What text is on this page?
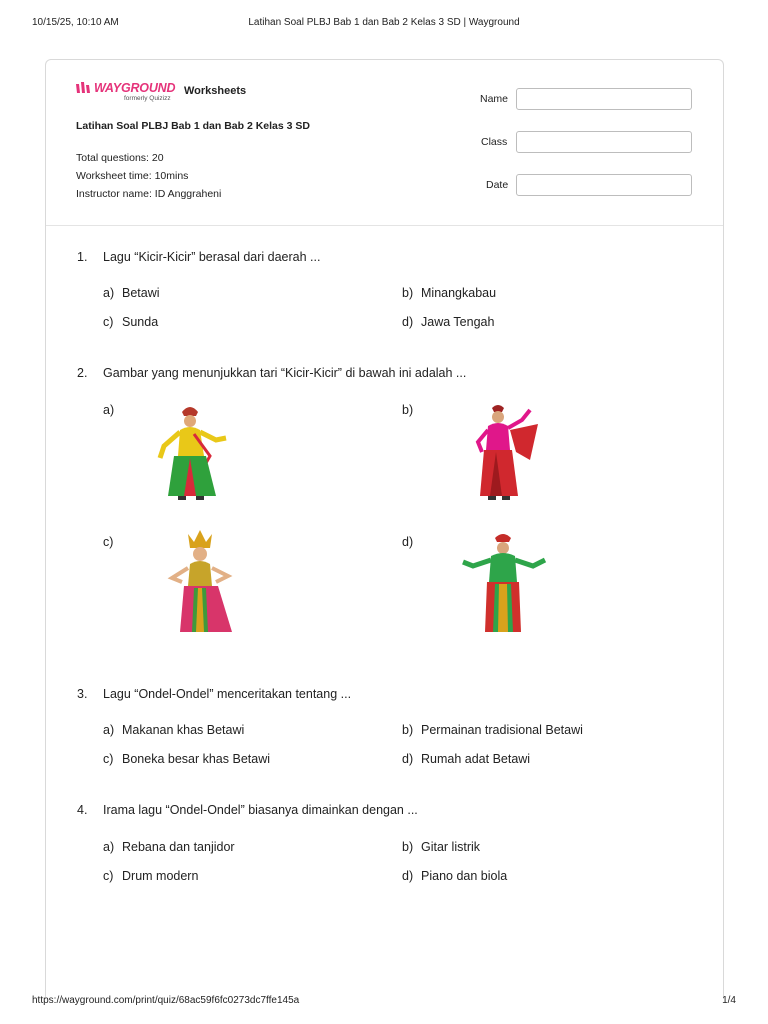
10/15/25, 10:10 AM	Latihan Soal PLBJ Bab 1 dan Bab 2 Kelas 3 SD | Wayground
WAYGROUND
formerly Quizizz
Worksheets
Latihan Soal PLBJ Bab 1 dan Bab 2 Kelas 3 SD
Total questions: 20
Worksheet time: 10mins
Instructor name: ID Anggraheni
Name
Class
Date
1. Lagu “Kicir-Kicir” berasal dari daerah ...
a) Betawi	b) Minangkabau
c) Sunda	d) Jawa Tengah
2. Gambar yang menunjukkan tari “Kicir-Kicir” di bawah ini adalah ...
a)	b)
c)	d)
3. Lagu “Ondel-Ondel” menceritakan tentang ...
a) Makanan khas Betawi	b) Permainan tradisional Betawi
c) Boneka besar khas Betawi	d) Rumah adat Betawi
4. Irama lagu “Ondel-Ondel” biasanya dimainkan dengan ...
a) Rebana dan tanjidor	b) Gitar listrik
c) Drum modern	d) Piano dan biola
https://wayground.com/print/quiz/68ac59f6fc0273dc7ffe145a	1/4
